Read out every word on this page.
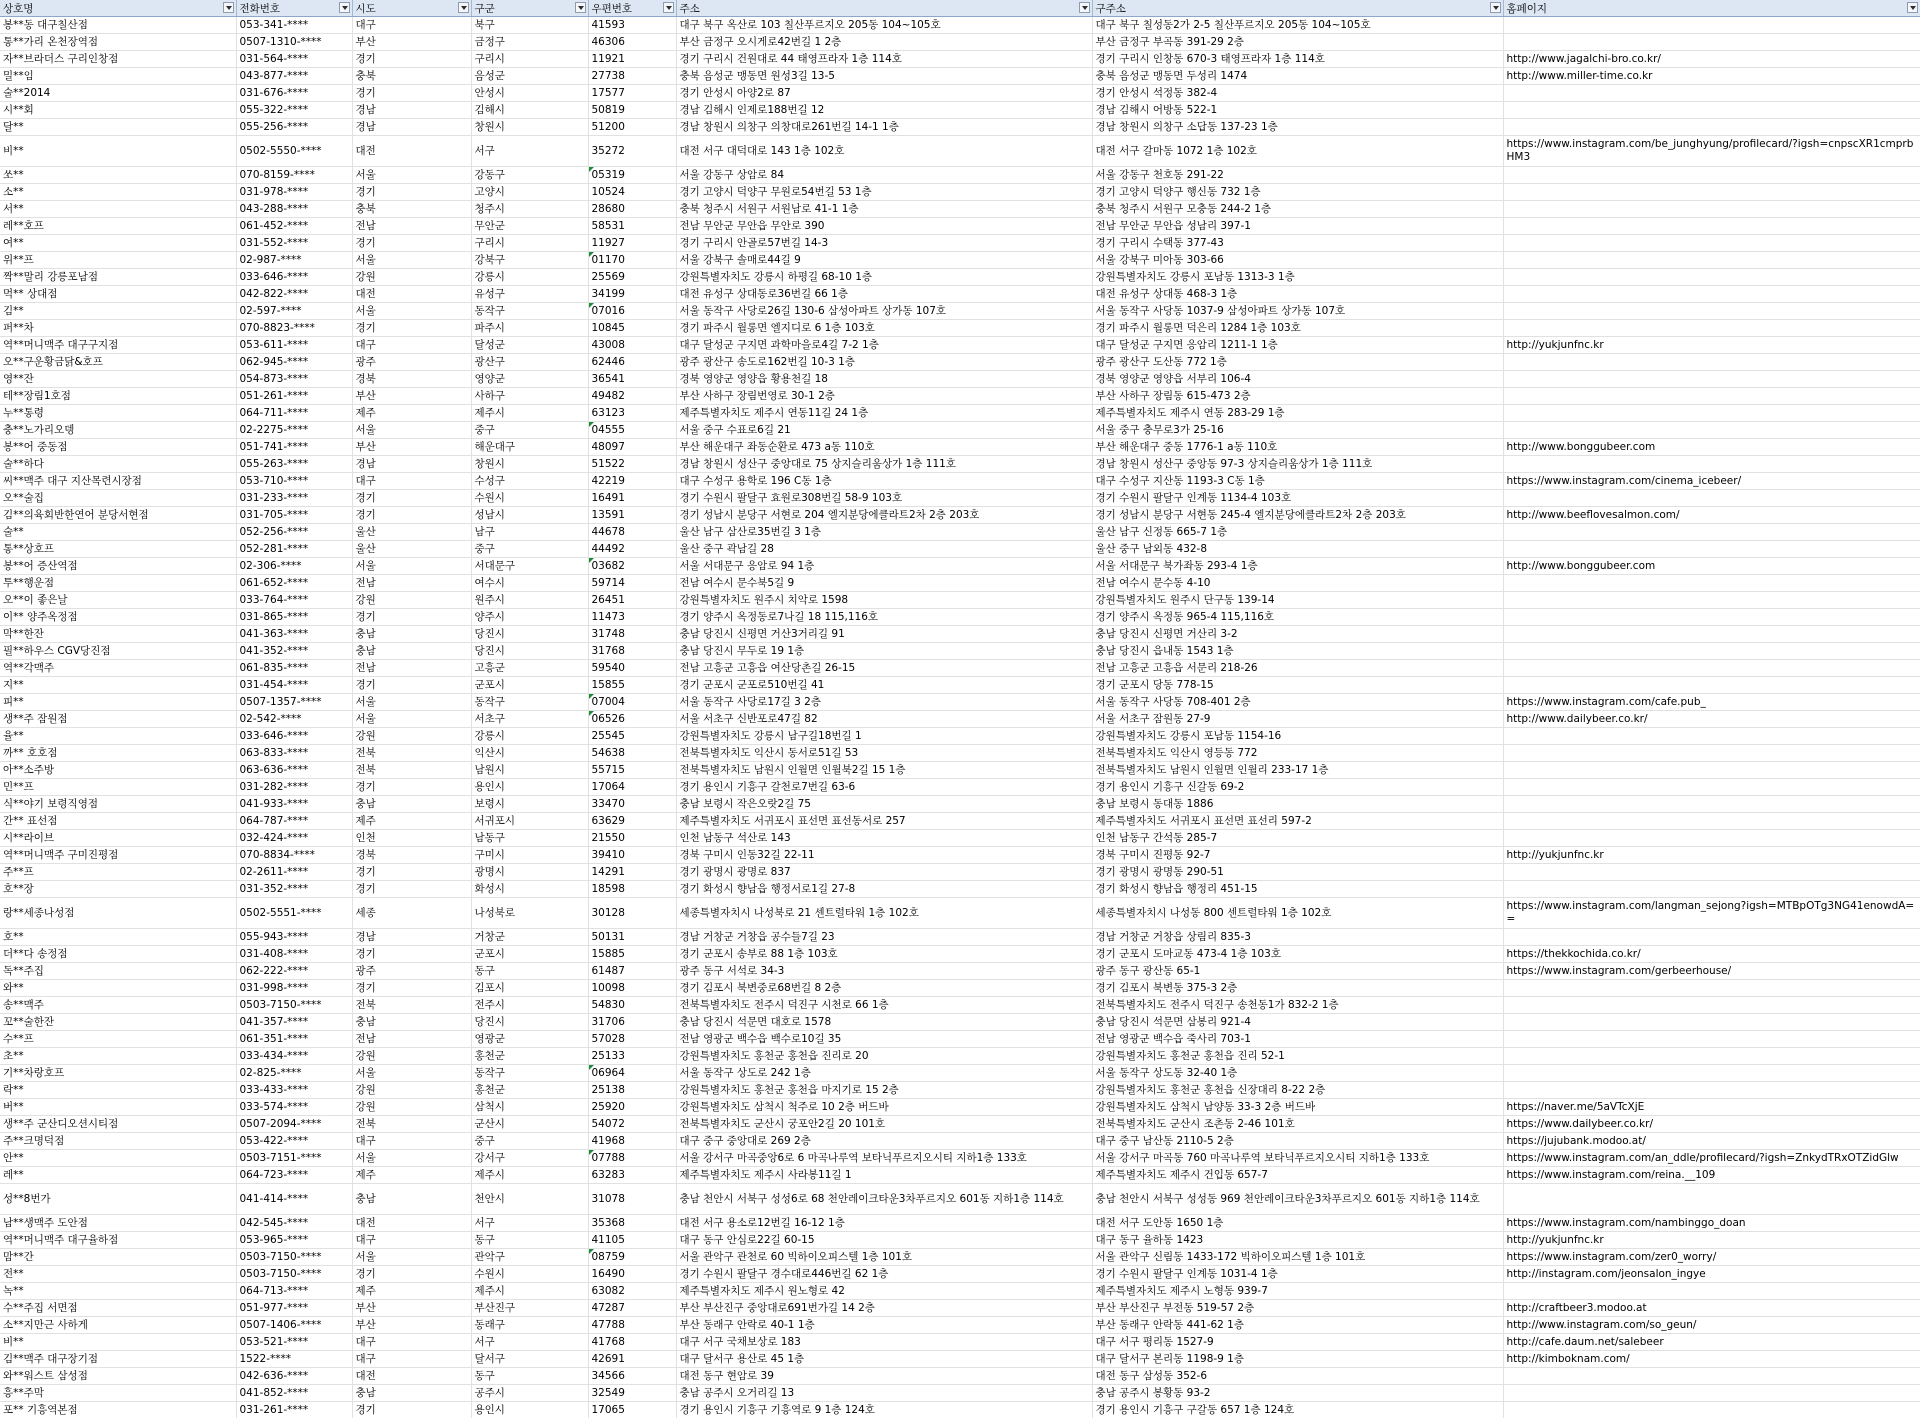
상호명	전화번호	시도	구군	우편번호	주소	구주소	홈페이지

봉**동 대구칠산점	053-341-****	대구	북구	41593	대구 북구 옥산로 103 칠산푸르지오 205동 104~105호	대구 북구 칠성동2가 2-5 칠산푸르지오 205동 104~105호	
통**가리 온천장역점	0507-1310-****	부산	금정구	46306	부산 금정구 오시게로42번길 1 2층	부산 금정구 부곡동 391-29 2층	
자**브라더스 구리인창점	031-564-****	경기	구리시	11921	경기 구리시 건원대로 44 태영프라자 1층 114호	경기 구리시 인창동 670-3 태영프라자 1층 114호	http://www.jagalchi-bro.co.kr/
밀**임	043-877-****	충북	음성군	27738	충북 음성군 맹동면 원성3길 13-5	충북 음성군 맹동면 두성리 1474	http://www.miller-time.co.kr
술**2014	031-676-****	경기	안성시	17577	경기 안성시 아양2로 87	경기 안성시 석정동 382-4	
시**회	055-322-****	경남	김해시	50819	경남 김해시 인제로188번길 12	경남 김해시 어방동 522-1	
달**	055-256-****	경남	창원시	51200	경남 창원시 의창구 의창대로261번길 14-1 1층	경남 창원시 의창구 소답동 137-23 1층	
비**	0502-5550-****	대전	서구	35272	대전 서구 대덕대로 143 1층 102호	대전 서구 갈마동 1072 1층 102호	https://www.instagram.com/be_junghyung/profilecard/?igsh=cnpscXR1cmprbHM3
쏘**	070-8159-****	서울	강동구	05319	서울 강동구 상암로 84	서울 강동구 천호동 291-22	
소**	031-978-****	경기	고양시	10524	경기 고양시 덕양구 무원로54번길 53 1층	경기 고양시 덕양구 행신동 732 1층	
서**	043-288-****	충북	청주시	28680	충북 청주시 서원구 서원남로 41-1 1층	충북 청주시 서원구 모충동 244-2 1층	
레**호프	061-452-****	전남	무안군	58531	전남 무안군 무안읍 무안로 390	전남 무안군 무안읍 성남리 397-1	
여**	031-552-****	경기	구리시	11927	경기 구리시 안골로57번길 14-3	경기 구리시 수택동 377-43	
위**프	02-987-****	서울	강북구	01170	서울 강북구 솔매로44길 9	서울 강북구 미아동 303-66	
짝**말리 강릉포남점	033-646-****	강원	강릉시	25569	강원특별자치도 강릉시 하평길 68-10 1층	강원특별자치도 강릉시 포남동 1313-3 1층	
먹** 상대점	042-822-****	대전	유성구	34199	대전 유성구 상대동로36번길 66 1층	대전 유성구 상대동 468-3 1층	
김**	02-597-****	서울	동작구	07016	서울 동작구 사당로26길 130-6 삼성아파트 상가동 107호	서울 동작구 사당동 1037-9 삼성아파트 상가동 107호	
퍼**차	070-8823-****	경기	파주시	10845	경기 파주시 월롱면 엘지디로 6 1층 103호	경기 파주시 월롱면 덕은리 1284 1층 103호	
역**머니맥주 대구구지점	053-611-****	대구	달성군	43008	대구 달성군 구지면 과학마을로4길 7-2 1층	대구 달성군 구지면 응암리 1211-1 1층	http://yukjunfnc.kr
오**구운황금닭&호프	062-945-****	광주	광산구	62446	광주 광산구 송도로162번길 10-3 1층	광주 광산구 도산동 772 1층	
영**잔	054-873-****	경북	영양군	36541	경북 영양군 영양읍 황용천길 18	경북 영양군 영양읍 서부리 106-4	
테**장림1호점	051-261-****	부산	사하구	49482	부산 사하구 장림번영로 30-1 2층	부산 사하구 장림동 615-473 2층	
누**통령	064-711-****	제주	제주시	63123	제주특별자치도 제주시 연동11길 24 1층	제주특별자치도 제주시 연동 283-29 1층	
충**노가리오뎅	02-2275-****	서울	중구	04555	서울 중구 수표로6길 21	서울 중구 충무로3가 25-16	
봉**어 중동점	051-741-****	부산	해운대구	48097	부산 해운대구 좌동순환로 473 a동 110호	부산 해운대구 중동 1776-1 a동 110호	http://www.bonggubeer.com
술**하다	055-263-****	경남	창원시	51522	경남 창원시 성산구 중앙대로 75 상지슬리움상가 1층 111호	경남 창원시 성산구 중앙동 97-3 상지슬리움상가 1층 111호	
씨**맥주 대구 지산목련시장점	053-710-****	대구	수성구	42219	대구 수성구 용학로 196 C동 1층	대구 수성구 지산동 1193-3 C동 1층	https://www.instagram.com/cinema_icebeer/
오**술집	031-233-****	경기	수원시	16491	경기 수원시 팔달구 효원로308번길 58-9 103호	경기 수원시 팔달구 인계동 1134-4 103호	
김**의육회반한연어 분당서현점	031-705-****	경기	성남시	13591	경기 성남시 분당구 서현로 204 엘지분당에클라트2차 2층 203호	경기 성남시 분당구 서현동 245-4 엘지분당에클라트2차 2층 203호	http://www.beeflovesalmon.com/
술**	052-256-****	울산	남구	44678	울산 남구 삼산로35번길 3 1층	울산 남구 신정동 665-7 1층	
통**상호프	052-281-****	울산	중구	44492	울산 중구 곽남길 28	울산 중구 남외동 432-8	
봉**어 증산역점	02-306-****	서울	서대문구	03682	서울 서대문구 응암로 94 1층	서울 서대문구 북가좌동 293-4 1층	http://www.bonggubeer.com
투**행운점	061-652-****	전남	여수시	59714	전남 여수시 문수북5길 9	전남 여수시 문수동 4-10	
오**이 좋은날	033-764-****	강원	원주시	26451	강원특별자치도 원주시 치악로 1598	강원특별자치도 원주시 단구동 139-14	
이** 양주옥정점	031-865-****	경기	양주시	11473	경기 양주시 옥정동로7나길 18 115,116호	경기 양주시 옥정동 965-4 115,116호	
막**한잔	041-363-****	충남	당진시	31748	충남 당진시 신평면 거산3거리길 91	충남 당진시 신평면 거산리 3-2	
필**하우스 CGV당진점	041-352-****	충남	당진시	31768	충남 당진시 무두로 19 1층	충남 당진시 읍내동 1543 1층	
역**각맥주	061-835-****	전남	고흥군	59540	전남 고흥군 고흥읍 여산당촌길 26-15	전남 고흥군 고흥읍 서문리 218-26	
지**	031-454-****	경기	군포시	15855	경기 군포시 군포로510번길 41	경기 군포시 당동 778-15	
피**	0507-1357-****	서울	동작구	07004	서울 동작구 사당로17길 3 2층	서울 동작구 사당동 708-401 2층	https://www.instagram.com/cafe.pub_
생**주 잠원점	02-542-****	서울	서초구	06526	서울 서초구 신반포로47길 82	서울 서초구 잠원동 27-9	http://www.dailybeer.co.kr/
율**	033-646-****	강원	강릉시	25545	강원특별자치도 강릉시 남구길18번길 1	강원특별자치도 강릉시 포남동 1154-16	
까** 호호점	063-833-****	전북	익산시	54638	전북특별자치도 익산시 동서로51길 53	전북특별자치도 익산시 영등동 772	
아**소주방	063-636-****	전북	남원시	55715	전북특별자치도 남원시 인월면 인월북2길 15 1층	전북특별자치도 남원시 인월면 인월리 233-17 1층	
민**프	031-282-****	경기	용인시	17064	경기 용인시 기흥구 갈천로7번길 63-6	경기 용인시 기흥구 신갈동 69-2	
식**야기 보령직영점	041-933-****	충남	보령시	33470	충남 보령시 작은오랏2길 75	충남 보령시 동대동 1886	
간** 표선점	064-787-****	제주	서귀포시	63629	제주특별자치도 서귀포시 표선면 표선동서로 257	제주특별자치도 서귀포시 표선면 표선리 597-2	
시**라이브	032-424-****	인천	남동구	21550	인천 남동구 석산로 143	인천 남동구 간석동 285-7	
역**머니맥주 구미진평점	070-8834-****	경북	구미시	39410	경북 구미시 인동32길 22-11	경북 구미시 진평동 92-7	http://yukjunfnc.kr
주**프	02-2611-****	경기	광명시	14291	경기 광명시 광명로 837	경기 광명시 광명동 290-51	
호**장	031-352-****	경기	화성시	18598	경기 화성시 향남읍 행정서로1길 27-8	경기 화성시 향남읍 행정리 451-15	
랑**세종나성점	0502-5551-****	세종	나성북로	30128	세종특별자치시 나성북로 21 센트럴타워 1층 102호	세종특별자치시 나성동 800 센트럴타워 1층 102호	https://www.instagram.com/langman_sejong?igsh=MTBpOTg3NG41enowdA==
호**	055-943-****	경남	거창군	50131	경남 거창군 거창읍 공수들7길 23	경남 거창군 거창읍 상림리 835-3	
더**다 송정점	031-408-****	경기	군포시	15885	경기 군포시 송부로 88 1층 103호	경기 군포시 도마교동 473-4 1층 103호	https://thekkochida.co.kr/
독**주집	062-222-****	광주	동구	61487	광주 동구 서석로 34-3	광주 동구 광산동 65-1	https://www.instagram.com/gerbeerhouse/
와**	031-998-****	경기	김포시	10098	경기 김포시 북변중로68번길 8 2층	경기 김포시 북변동 375-3 2층	
송**맥주	0503-7150-****	전북	전주시	54830	전북특별자치도 전주시 덕진구 시천로 66 1층	전북특별자치도 전주시 덕진구 송천동1가 832-2 1층	
꼬**술한잔	041-357-****	충남	당진시	31706	충남 당진시 석문면 대호로 1578	충남 당진시 석문면 삼봉리 921-4	
수**프	061-351-****	전남	영광군	57028	전남 영광군 백수읍 백수로10길 35	전남 영광군 백수읍 죽사리 703-1	
초**	033-434-****	강원	홍천군	25133	강원특별자치도 홍천군 홍천읍 진리로 20	강원특별자치도 홍천군 홍천읍 진리 52-1	
기**차랑호프	02-825-****	서울	동작구	06964	서울 동작구 상도로 242 1층	서울 동작구 상도동 32-40 1층	
락**	033-433-****	강원	홍천군	25138	강원특별자치도 홍천군 홍천읍 마지기로 15 2층	강원특별자치도 홍천군 홍천읍 신장대리 8-22 2층	
버**	033-574-****	강원	삼척시	25920	강원특별자치도 삼척시 척주로 10 2층 버드바	강원특별자치도 삼척시 남양동 33-3 2층 버드바	https://naver.me/5aVTcXjE
생**주 군산디오션시티점	0507-2094-****	전북	군산시	54072	전북특별자치도 군산시 궁포안2길 20 101호	전북특별자치도 군산시 조촌동 2-46 101호	https://www.dailybeer.co.kr/
주**크명덕점	053-422-****	대구	중구	41968	대구 중구 중앙대로 269 2층	대구 중구 남산동 2110-5 2층	https://jujubank.modoo.at/
안**	0503-7151-****	서울	강서구	07788	서울 강서구 마곡중앙6로 6 마곡나루역 보타닉푸르지오시티 지하1층 133호	서울 강서구 마곡동 760 마곡나루역 보타닉푸르지오시티 지하1층 133호	https://www.instagram.com/an_ddle/profilecard/?igsh=ZnkydTRxOTZidGlw
레**	064-723-****	제주	제주시	63283	제주특별자치도 제주시 사라봉11길 1	제주특별자치도 제주시 건입동 657-7	https://www.instagram.com/reina.__109
성**8번가	041-414-****	충남	천안시	31078	충남 천안시 서북구 성성6로 68 천안레이크타운3차푸르지오 601동 지하1층 114호	충남 천안시 서북구 성성동 969 천안레이크타운3차푸르지오 601동 지하1층 114호	
남**생맥주 도안점	042-545-****	대전	서구	35368	대전 서구 용소로12번길 16-12 1층	대전 서구 도안동 1650 1층	https://www.instagram.com/nambinggo_doan
역**머니맥주 대구율하점	053-965-****	대구	동구	41105	대구 동구 안심로22길 60-15	대구 동구 율하동 1423	http://yukjunfnc.kr
맘**간	0503-7150-****	서울	관악구	08759	서울 관악구 관천로 60 빅하이오피스텔 1층 101호	서울 관악구 신림동 1433-172 빅하이오피스텔 1층 101호	https://www.instagram.com/zer0_worry/
전**	0503-7150-****	경기	수원시	16490	경기 수원시 팔달구 경수대로446번길 62 1층	경기 수원시 팔달구 인계동 1031-4 1층	http://instagram.com/jeonsalon_ingye
녹**	064-713-****	제주	제주시	63082	제주특별자치도 제주시 원노형로 42	제주특별자치도 제주시 노형동 939-7	
수**주집 서면점	051-977-****	부산	부산진구	47287	부산 부산진구 중앙대로691번가길 14 2층	부산 부산진구 부전동 519-57 2층	http://craftbeer3.modoo.at
소**지만근 사하게	0507-1406-****	부산	동래구	47788	부산 동래구 안락로 40-1 1층	부산 동래구 안락동 441-62 1층	http://www.instagram.com/so_geun/
비**	053-521-****	대구	서구	41768	대구 서구 국채보상로 183	대구 서구 평리동 1527-9	http://cafe.daum.net/salebeer
김**맥주 대구장기점	1522-****	대구	달서구	42691	대구 달서구 용산로 45 1층	대구 달서구 본리동 1198-9 1층	http://kimboknam.com/
와**워스트 삼성점	042-636-****	대전	동구	34566	대전 동구 현암로 39	대전 동구 삼성동 352-6	
흥**주막	041-852-****	충남	공주시	32549	충남 공주시 오거리길 13	충남 공주시 봉황동 93-2	
포** 기흥역본점	031-261-****	경기	용인시	17065	경기 용인시 기흥구 기흥역로 9 1층 124호	경기 용인시 기흥구 구갈동 657 1층 124호	
